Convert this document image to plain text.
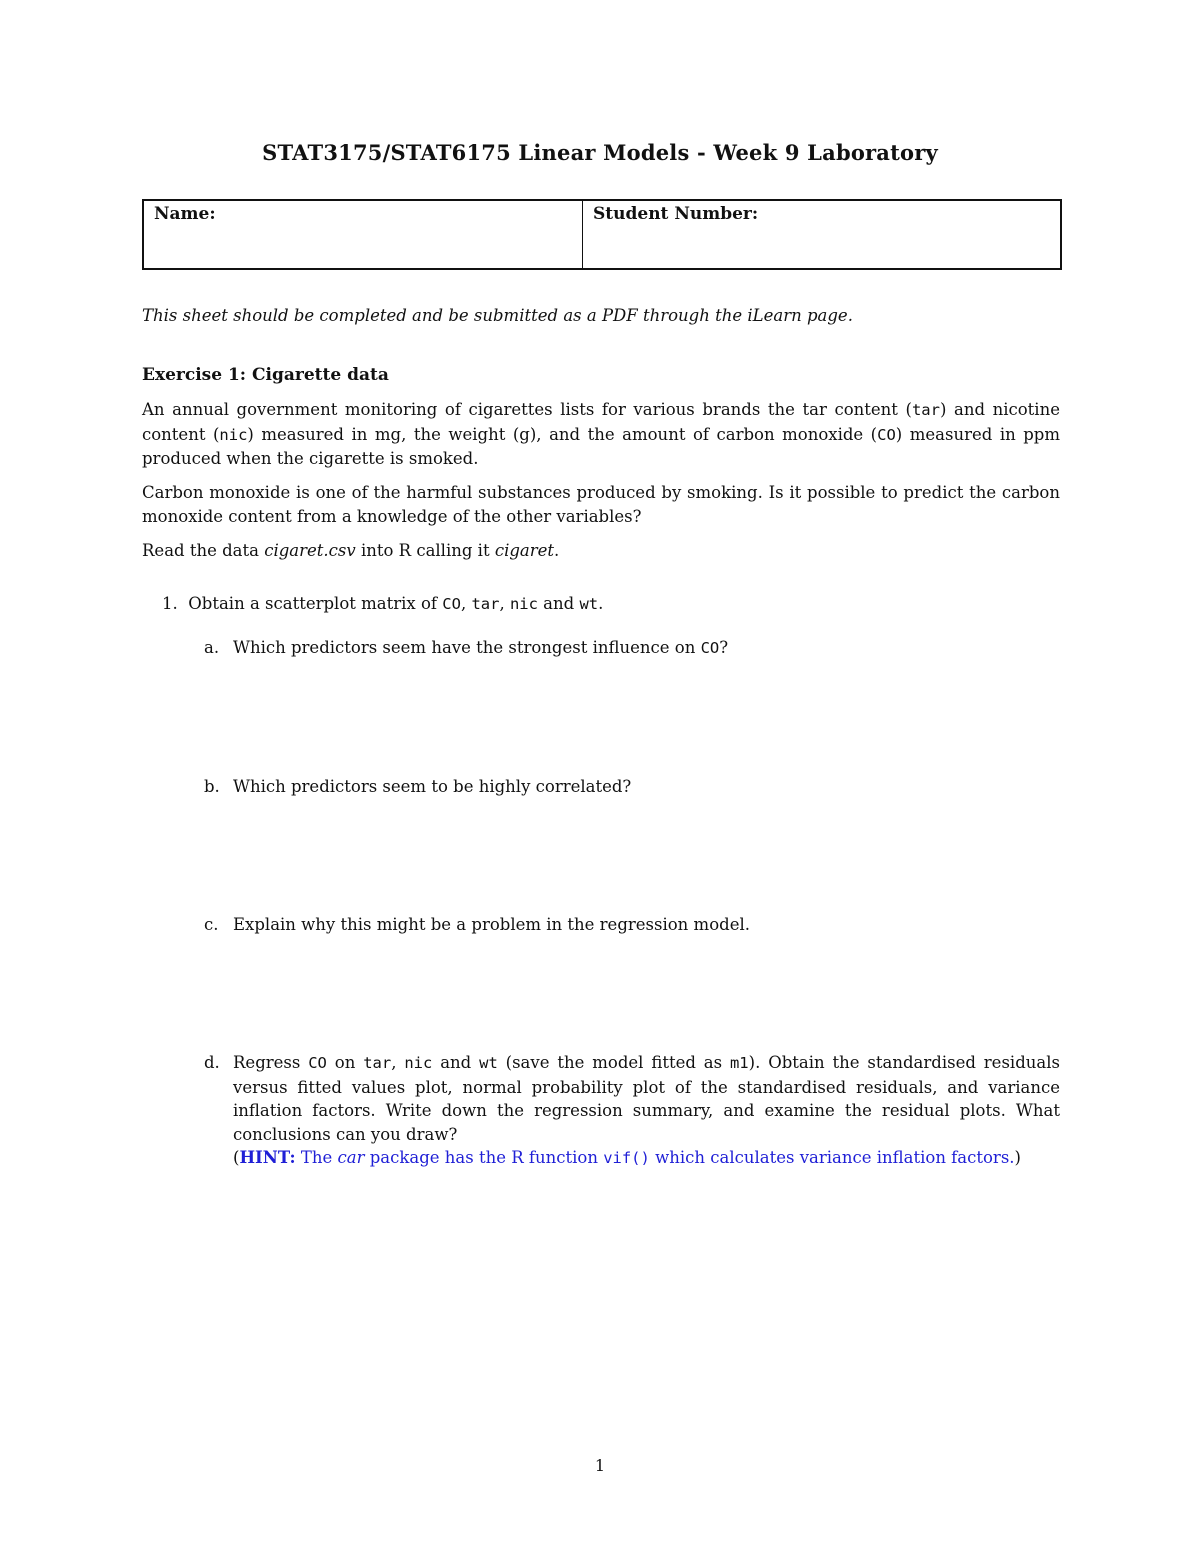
STAT3175/STAT6175 Linear Models - Week 9 Laboratory
Name:	Student Number:
This sheet should be completed and be submitted as a PDF through the iLearn page.
Exercise 1: Cigarette data
An annual government monitoring of cigarettes lists for various brands the tar content (tar) and nicotine content (nic) measured in mg, the weight (g), and the amount of carbon monoxide (CO) measured in ppm produced when the cigarette is smoked.
Carbon monoxide is one of the harmful substances produced by smoking. Is it possible to predict the carbon monoxide content from a knowledge of the other variables?
Read the data cigaret.csv into R calling it cigaret.
1. Obtain a scatterplot matrix of CO, tar, nic and wt.
a. Which predictors seem have the strongest influence on CO?
b. Which predictors seem to be highly correlated?
c. Explain why this might be a problem in the regression model.
d. Regress CO on tar, nic and wt (save the model fitted as m1). Obtain the standardised residuals versus fitted values plot, normal probability plot of the standardised residuals, and variance inflation factors. Write down the regression summary, and examine the residual plots. What conclusions can you draw?
(HINT: The car package has the R function vif() which calculates variance inflation factors.)
1
